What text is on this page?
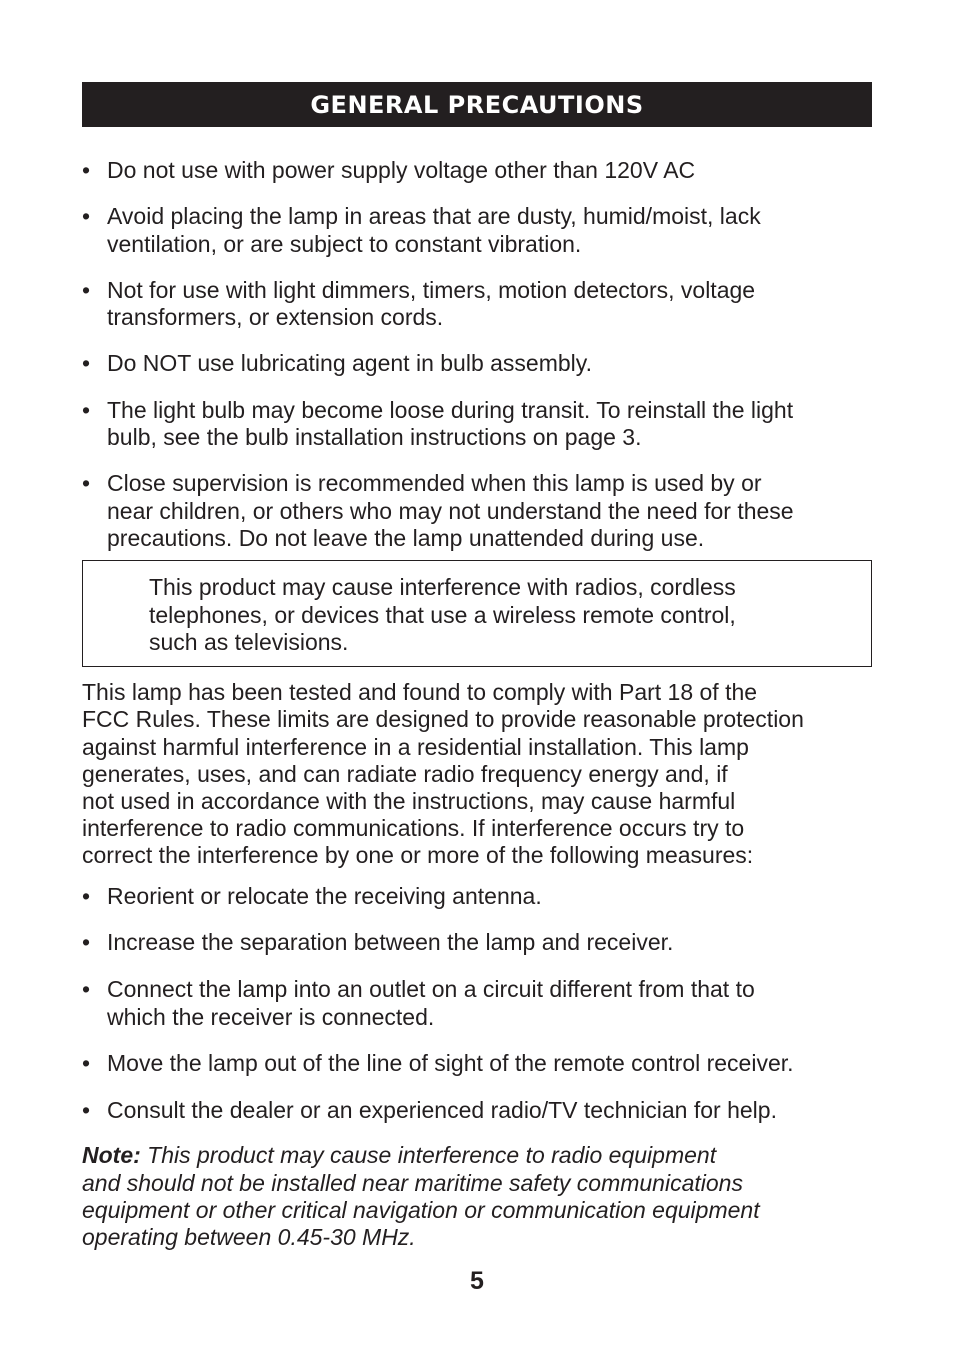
GENERAL PRECAUTIONS
• Do not use with power supply voltage other than 120V AC
• Avoid placing the lamp in areas that are dusty, humid/moist, lack
ventilation, or are subject to constant vibration.
• Not for use with light dimmers, timers, motion detectors, voltage
transformers, or extension cords.
• Do NOT use lubricating agent in bulb assembly.
• The light bulb may become loose during transit. To reinstall the light
bulb, see the bulb installation instructions on page 3.
• Close supervision is recommended when this lamp is used by or
near children, or others who may not understand the need for these
precautions. Do not leave the lamp unattended during use.
This product may cause interference with radios, cordless
telephones, or devices that use a wireless remote control,
such as televisions.
This lamp has been tested and found to comply with Part 18 of the
FCC Rules. These limits are designed to provide reasonable protection
against harmful interference in a residential installation. This lamp
generates, uses, and can radiate radio frequency energy and, if
not used in accordance with the instructions, may cause harmful
interference to radio communications. If interference occurs try to
correct the interference by one or more of the following measures:
• Reorient or relocate the receiving antenna.
• Increase the separation between the lamp and receiver.
• Connect the lamp into an outlet on a circuit different from that to
which the receiver is connected.
• Move the lamp out of the line of sight of the remote control receiver.
• Consult the dealer or an experienced radio/TV technician for help.
Note: This product may cause interference to radio equipment
and should not be installed near maritime safety communications
equipment or other critical navigation or communication equipment
operating between 0.45-30 MHz.
5
